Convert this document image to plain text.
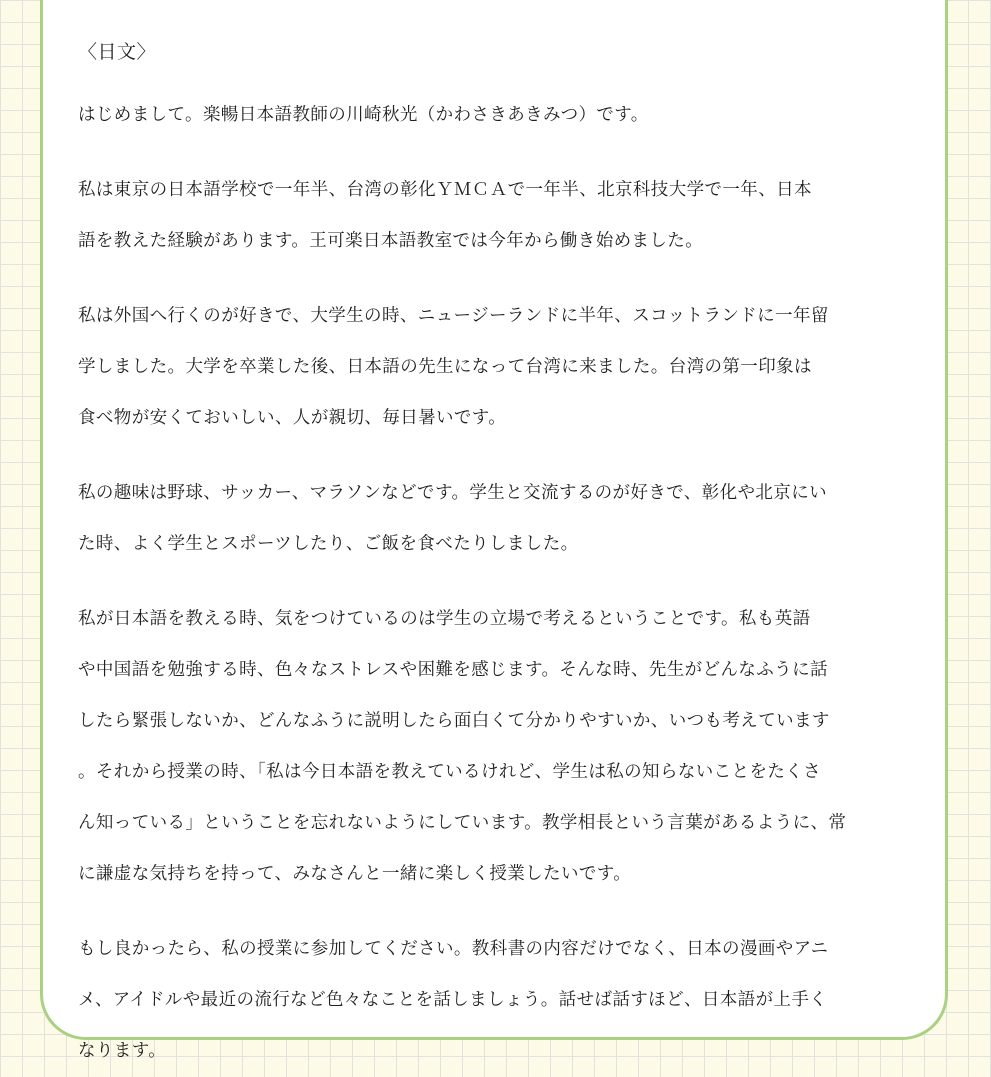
〈日文〉

はじめまして。楽暢日本語教師の川崎秋光（かわさきあきみつ）です。

私は東京の日本語学校で一年半、台湾の彰化ＹＭＣＡで一年半、北京科技大学で一年、日本
語を教えた経験があります。王可楽日本語教室では今年から働き始めました。

私は外国へ行くのが好きで、大学生の時、ニュージーランドに半年、スコットランドに一年留
学しました。大学を卒業した後、日本語の先生になって台湾に来ました。台湾の第一印象は
食べ物が安くておいしい、人が親切、毎日暑いです。

私の趣味は野球、サッカー、マラソンなどです。学生と交流するのが好きで、彰化や北京にい
た時、よく学生とスポーツしたり、ご飯を食べたりしました。

私が日本語を教える時、気をつけているのは学生の立場で考えるということです。私も英語
や中国語を勉強する時、色々なストレスや困難を感じます。そんな時、先生がどんなふうに話
したら緊張しないか、どんなふうに説明したら面白くて分かりやすいか、いつも考えています
。それから授業の時、「私は今日本語を教えているけれど、学生は私の知らないことをたくさ
ん知っている」ということを忘れないようにしています。教学相長という言葉があるように、常
に謙虚な気持ちを持って、みなさんと一緒に楽しく授業したいです。

もし良かったら、私の授業に参加してください。教科書の内容だけでなく、日本の漫画やアニ
メ、アイドルや最近の流行など色々なことを話しましょう。話せば話すほど、日本語が上手く
なります。
